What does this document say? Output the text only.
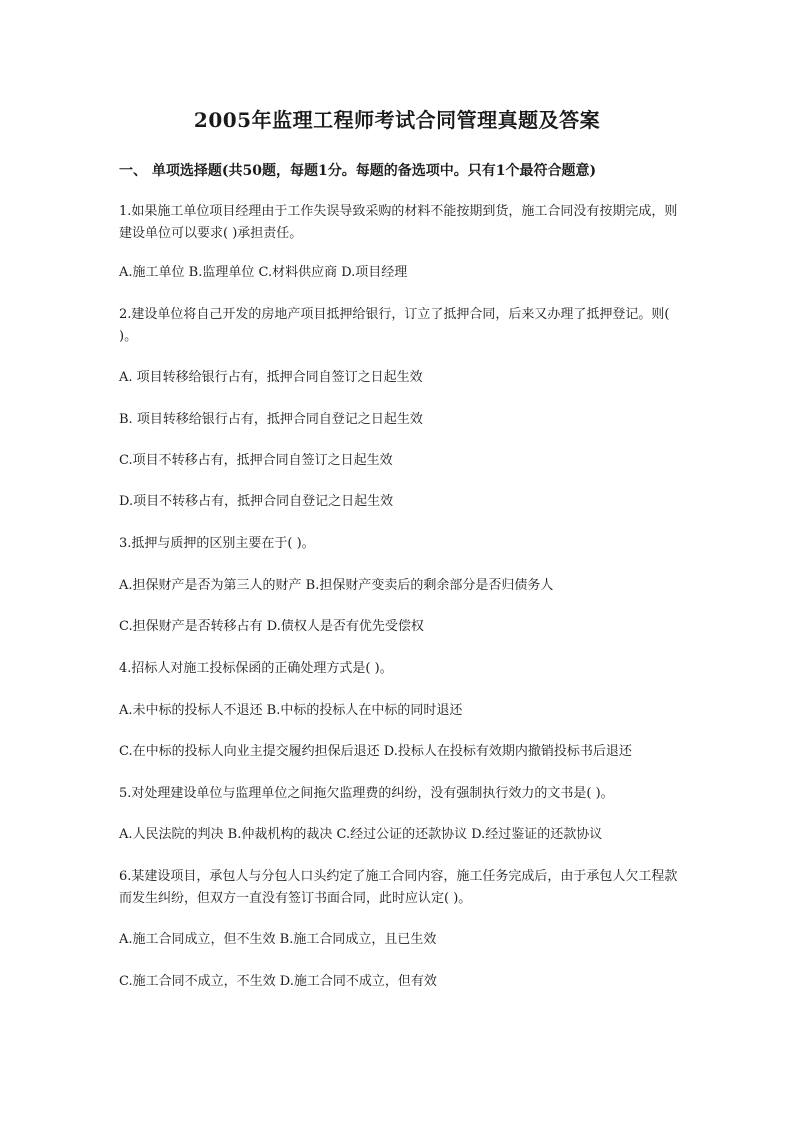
2005年监理工程师考试合同管理真题及答案
一、 单项选择题(共50题，每题1分。每题的备选项中。只有1个最符合题意)
1.如果施工单位项目经理由于工作失误导致采购的材料不能按期到货，施工合同没有按期完成，则建设单位可以要求( )承担责任。
A.施工单位 B.监理单位 C.材料供应商 D.项目经理
2.建设单位将自己开发的房地产项目抵押给银行，订立了抵押合同，后来又办理了抵押登记。则( )。
A. 项目转移给银行占有，抵押合同自签订之日起生效
B. 项目转移给银行占有，抵押合同自登记之日起生效
C.项目不转移占有，抵押合同自签订之日起生效
D.项目不转移占有，抵押合同自登记之日起生效
3.抵押与质押的区别主要在于( )。
A.担保财产是否为第三人的财产 B.担保财产变卖后的剩余部分是否归债务人
C.担保财产是否转移占有 D.债权人是否有优先受偿权
4.招标人对施工投标保函的正确处理方式是( )。
A.未中标的投标人不退还 B.中标的投标人在中标的同时退还
C.在中标的投标人向业主提交履约担保后退还 D.投标人在投标有效期内撤销投标书后退还
5.对处理建设单位与监理单位之间拖欠监理费的纠纷，没有强制执行效力的文书是( )。
A.人民法院的判决 B.仲裁机构的裁决 C.经过公证的还款协议 D.经过鉴证的还款协议
6.某建设项目，承包人与分包人口头约定了施工合同内容，施工任务完成后，由于承包人欠工程款而发生纠纷，但双方一直没有签订书面合同，此时应认定( )。
A.施工合同成立，但不生效 B.施工合同成立，且已生效
C.施工合同不成立，不生效 D.施工合同不成立，但有效
